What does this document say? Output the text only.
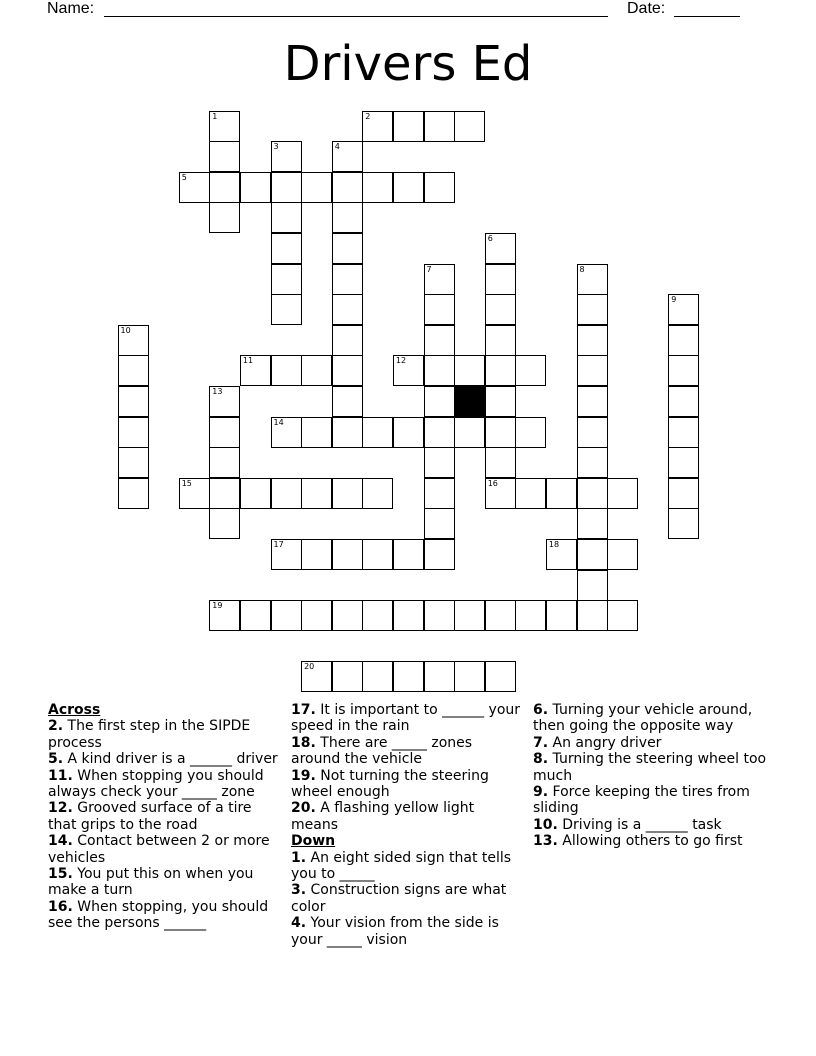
Name:	Date:
Drivers Ed
1	2
3	4
5
6
7	8
9
10
11	12
13
14
15	16
17	18
19
20

Across

2. The first step in the SIPDE process

5. A kind driver is a ______ driver

11. When stopping you should always check your _____ zone

12. Grooved surface of a tire that grips to the road

14. Contact between 2 or more vehicles

15. You put this on when you make a turn

16. When stopping, you should see the persons ______

17. It is important to ______ your speed in the rain

18. There are _____ zones around the vehicle

19. Not turning the steering wheel enough

20. A flashing yellow light means

Down

1. An eight sided sign that tells you to _____

3. Construction signs are what color

4. Your vision from the side is your _____ vision

6. Turning your vehicle around, then going the opposite way

7. An angry driver

8. Turning the steering wheel too much

9. Force keeping the tires from sliding

10. Driving is a ______ task

13. Allowing others to go first
